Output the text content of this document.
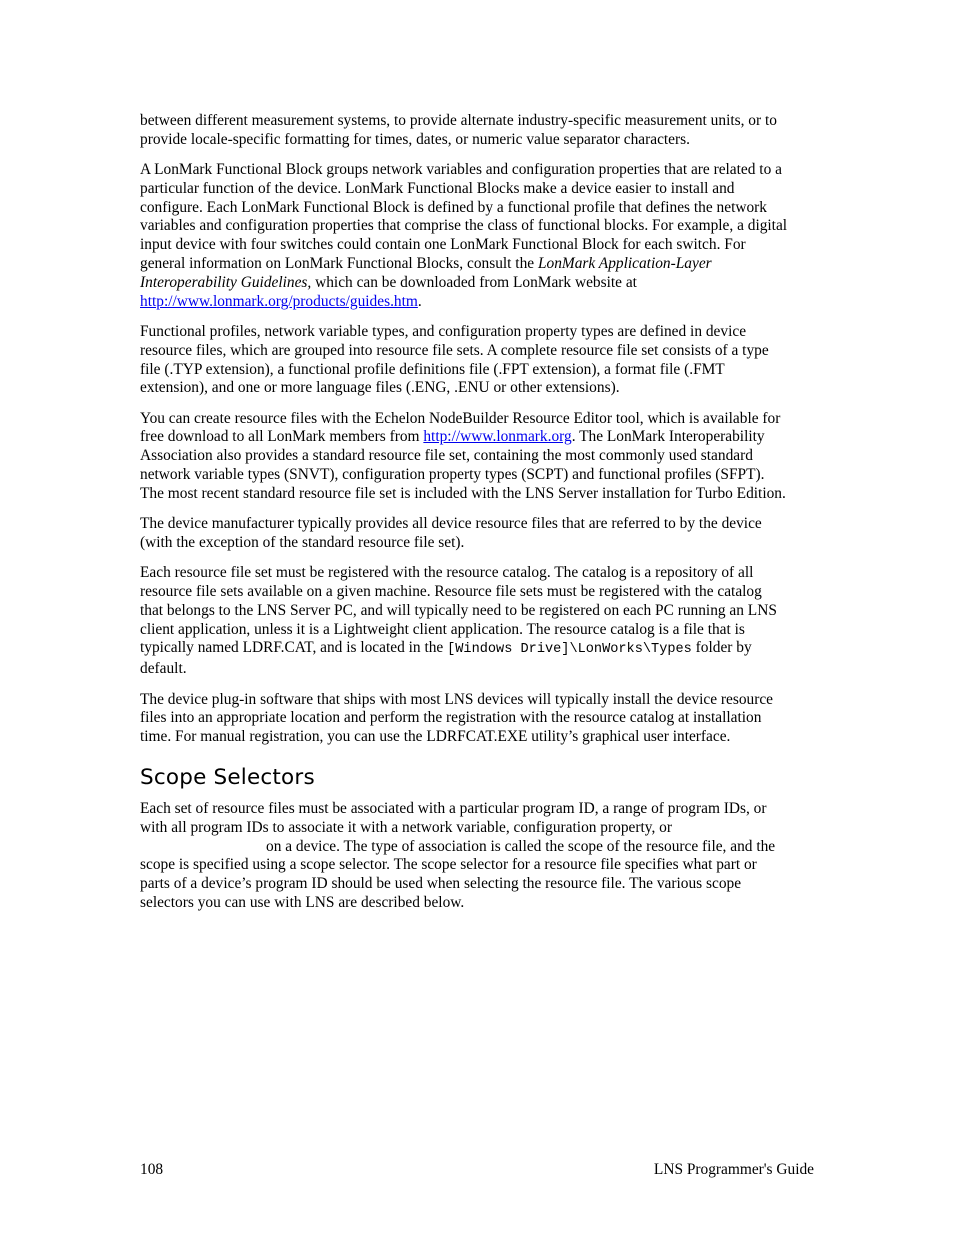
between different measurement systems, to provide alternate industry-specific measurement units, or to provide locale-specific formatting for times, dates, or numeric value separator characters.

A LonMark Functional Block groups network variables and configuration properties that are related to a particular function of the device. LonMark Functional Blocks make a device easier to install and configure. Each LonMark Functional Block is defined by a functional profile that defines the network variables and configuration properties that comprise the class of functional blocks. For example, a digital input device with four switches could contain one LonMark Functional Block for each switch. For general information on LonMark Functional Blocks, consult the LonMark Application-Layer Interoperability Guidelines, which can be downloaded from LonMark website at http://www.lonmark.org/products/guides.htm.

Functional profiles, network variable types, and configuration property types are defined in device resource files, which are grouped into resource file sets. A complete resource file set consists of a type file (.TYP extension), a functional profile definitions file (.FPT extension), a format file (.FMT extension), and one or more language files (.ENG, .ENU or other extensions).

You can create resource files with the Echelon NodeBuilder Resource Editor tool, which is available for free download to all LonMark members from http://www.lonmark.org. The LonMark Interoperability Association also provides a standard resource file set, containing the most commonly used standard network variable types (SNVT), configuration property types (SCPT) and functional profiles (SFPT). The most recent standard resource file set is included with the LNS Server installation for Turbo Edition.

The device manufacturer typically provides all device resource files that are referred to by the device (with the exception of the standard resource file set).

Each resource file set must be registered with the resource catalog. The catalog is a repository of all resource file sets available on a given machine. Resource file sets must be registered with the catalog that belongs to the LNS Server PC, and will typically need to be registered on each PC running an LNS client application, unless it is a Lightweight client application. The resource catalog is a file that is typically named LDRF.CAT, and is located in the [Windows Drive]\LonWorks\Types folder by default.

The device plug-in software that ships with most LNS devices will typically install the device resource files into an appropriate location and perform the registration with the resource catalog at installation time. For manual registration, you can use the LDRFCAT.EXE utility’s graphical user interface.

Scope Selectors

Each set of resource files must be associated with a particular program ID, a range of program IDs, or with all program IDs to associate it with a network variable, configuration property, oron a device. The type of association is called the scope of the resource file, and the scope is specified using a scope selector. The scope selector for a resource file specifies what part or parts of a device’s program ID should be used when selecting the resource file. The various scope selectors you can use with LNS are described below.

108	LNS Programmer's Guide
